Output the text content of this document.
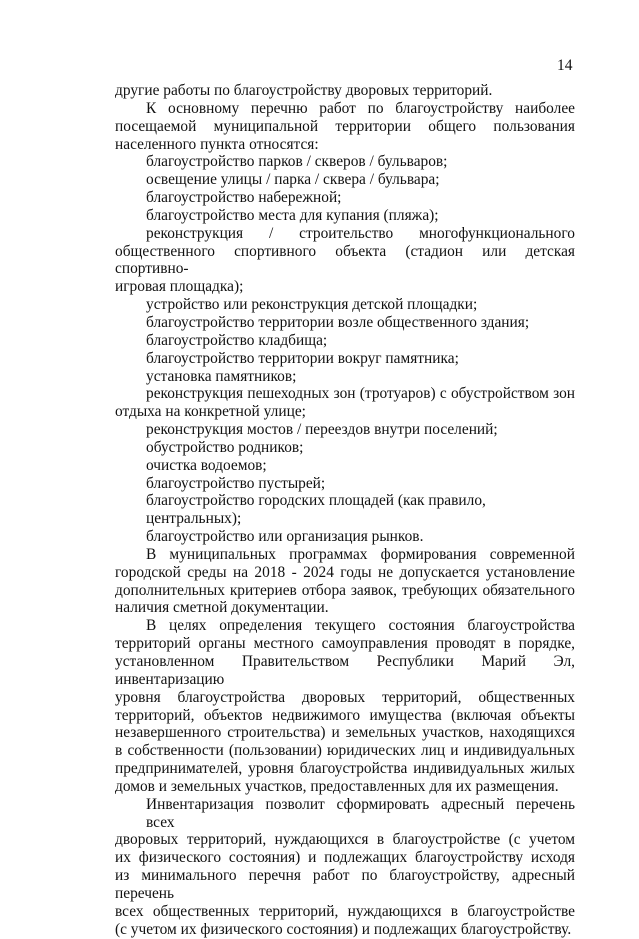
14

другие работы по благоустройству дворовых территорий.

К основному перечню работ по благоустройству наиболее

посещаемой муниципальной территории общего пользования

населенного пункта относятся:

благоустройство парков / скверов / бульваров;

освещение улицы / парка / сквера / бульвара;

благоустройство набережной;

благоустройство места для купания (пляжа);

реконструкция / строительство многофункционального

общественного спортивного объекта (стадион или детская спортивно-

игровая площадка);

устройство или реконструкция детской площадки;

благоустройство территории возле общественного здания;

благоустройство кладбища;

благоустройство территории вокруг памятника;

установка памятников;

реконструкция пешеходных зон (тротуаров) с обустройством зон

отдыха на конкретной улице;

реконструкция мостов / переездов внутри поселений;

обустройство родников;

очистка водоемов;

благоустройство пустырей;

благоустройство городских площадей (как правило, центральных);

благоустройство или организация рынков.

В муниципальных программах формирования современной

городской среды на 2018 - 2024 годы не допускается установление

дополнительных критериев отбора заявок, требующих обязательного

наличия сметной документации.

В целях определения текущего состояния благоустройства

территорий органы местного самоуправления проводят в порядке,

установленном Правительством Республики Марий Эл, инвентаризацию

уровня благоустройства дворовых территорий, общественных

территорий, объектов недвижимого имущества (включая объекты

незавершенного строительства) и земельных участков, находящихся

в собственности (пользовании) юридических лиц и индивидуальных

предпринимателей, уровня благоустройства индивидуальных жилых

домов и земельных участков, предоставленных для их размещения.

Инвентаризация позволит сформировать адресный перечень всех

дворовых территорий, нуждающихся в благоустройстве (с учетом

их физического состояния) и подлежащих благоустройству исходя

из минимального перечня работ по благоустройству, адресный перечень

всех общественных территорий, нуждающихся в благоустройстве

(с учетом их физического состояния) и подлежащих благоустройству.
